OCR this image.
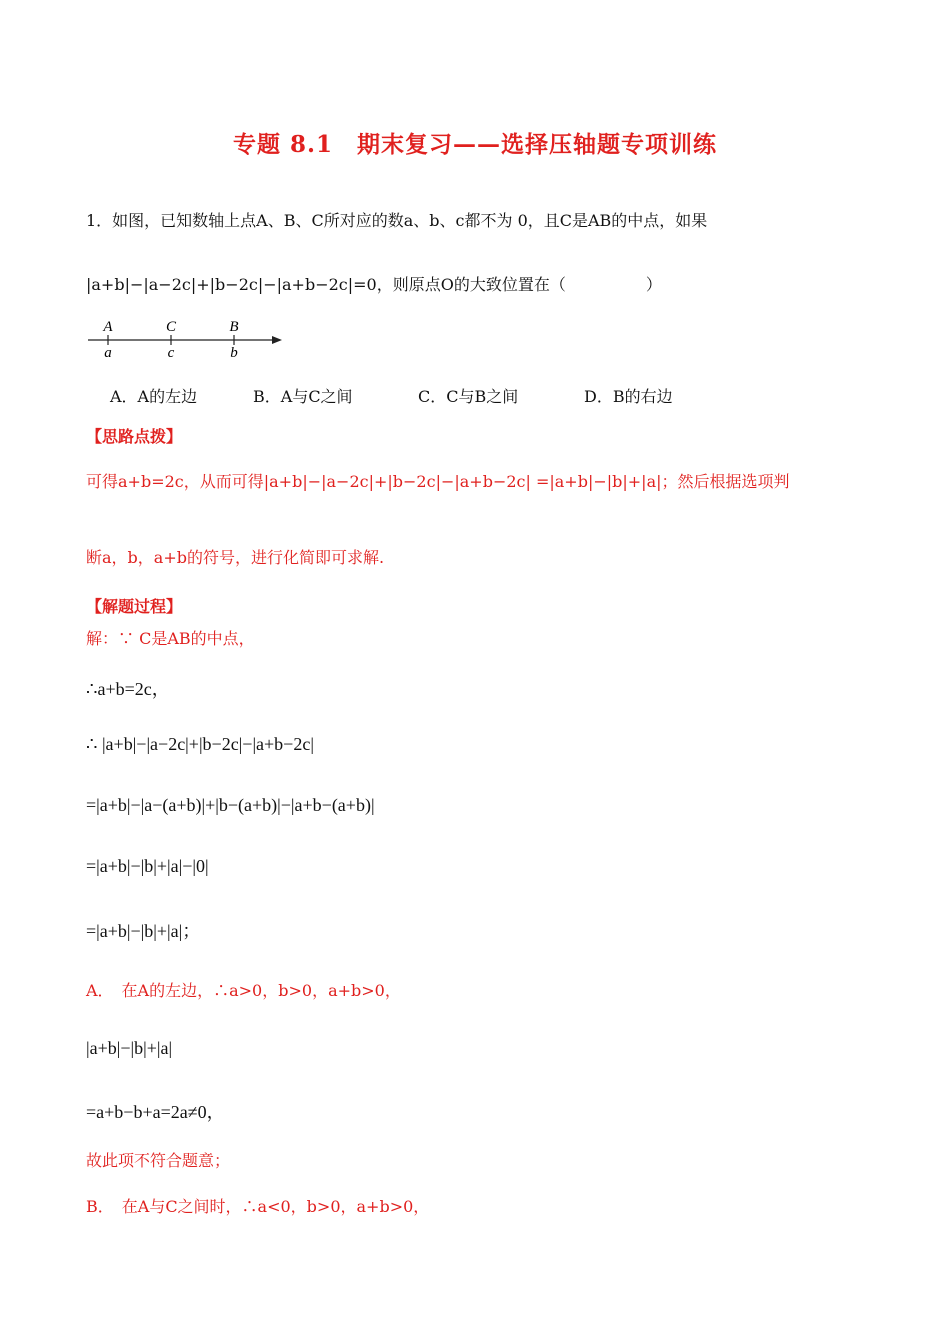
专题 8.1　期末复习——选择压轴题专项训练
1．如图，已知数轴上点A、B、C所对应的数a、b、c都不为 0，且C是AB的中点，如果
|a+b|−|a−2c|+|b−2c|−|a+b−2c|=0，则原点O的大致位置在（　　　　　）
A	C	B
a	c	b
A．A的左边	B．A与C之间	C．C与B之间	D．B的右边
【思路点拨】
可得a+b=2c，从而可得|a+b|−|a−2c|+|b−2c|−|a+b−2c| =|a+b|−|b|+|a|；然后根据选项判
断a，b，a+b的符号，进行化简即可求解.
【解题过程】
解：∵ C是AB的中点，
∴a+b=2c，
∴ |a+b|−|a−2c|+|b−2c|−|a+b−2c|
=|a+b|−|a−(a+b)|+|b−(a+b)|−|a+b−(a+b)|
=|a+b|−|b|+|a|−|0|
=|a+b|−|b|+|a|；
A．　在A的左边，∴a>0，b>0，a+b>0，
|a+b|−|b|+|a|
=a+b−b+a=2a≠0，
故此项不符合题意；
B．　在A与C之间时，∴a<0，b>0，a+b>0，
